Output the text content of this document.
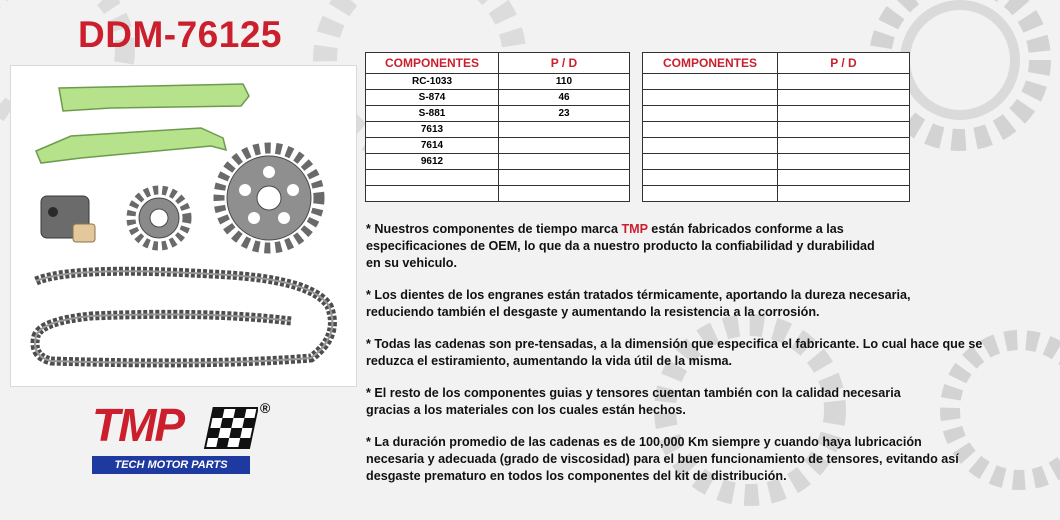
DDM-76125
COMPONENTES	P / D
RC-1033	110
S-874	46
S-881	23
7613	
7614	
9612	

COMPONENTES	P / D

* Nuestros componentes de tiempo marca TMP están fabricados conforme a las
especificaciones de OEM, lo que da a nuestro producto la confiabilidad y durabilidad
en su vehiculo.

* Los dientes de los engranes están tratados térmicamente, aportando la dureza necesaria,
reduciendo también el desgaste y aumentando la resistencia a la corrosión.

* Todas las cadenas son pre-tensadas, a la dimensión que especifica el fabricante. Lo cual hace que se
reduzca el estiramiento, aumentando la vida útil de la misma.

* El resto de los componentes guias y tensores cuentan también con la calidad necesaria
gracias a los materiales con los cuales están hechos.

* La duración promedio de las cadenas es de 100,000 Km siempre y cuando haya lubricación
necesaria y adecuada (grado de viscosidad) para el buen funcionamiento de tensores, evitando así
desgaste prematuro en todos los componentes del kit de distribución.

TMP	®
TECH MOTOR PARTS
